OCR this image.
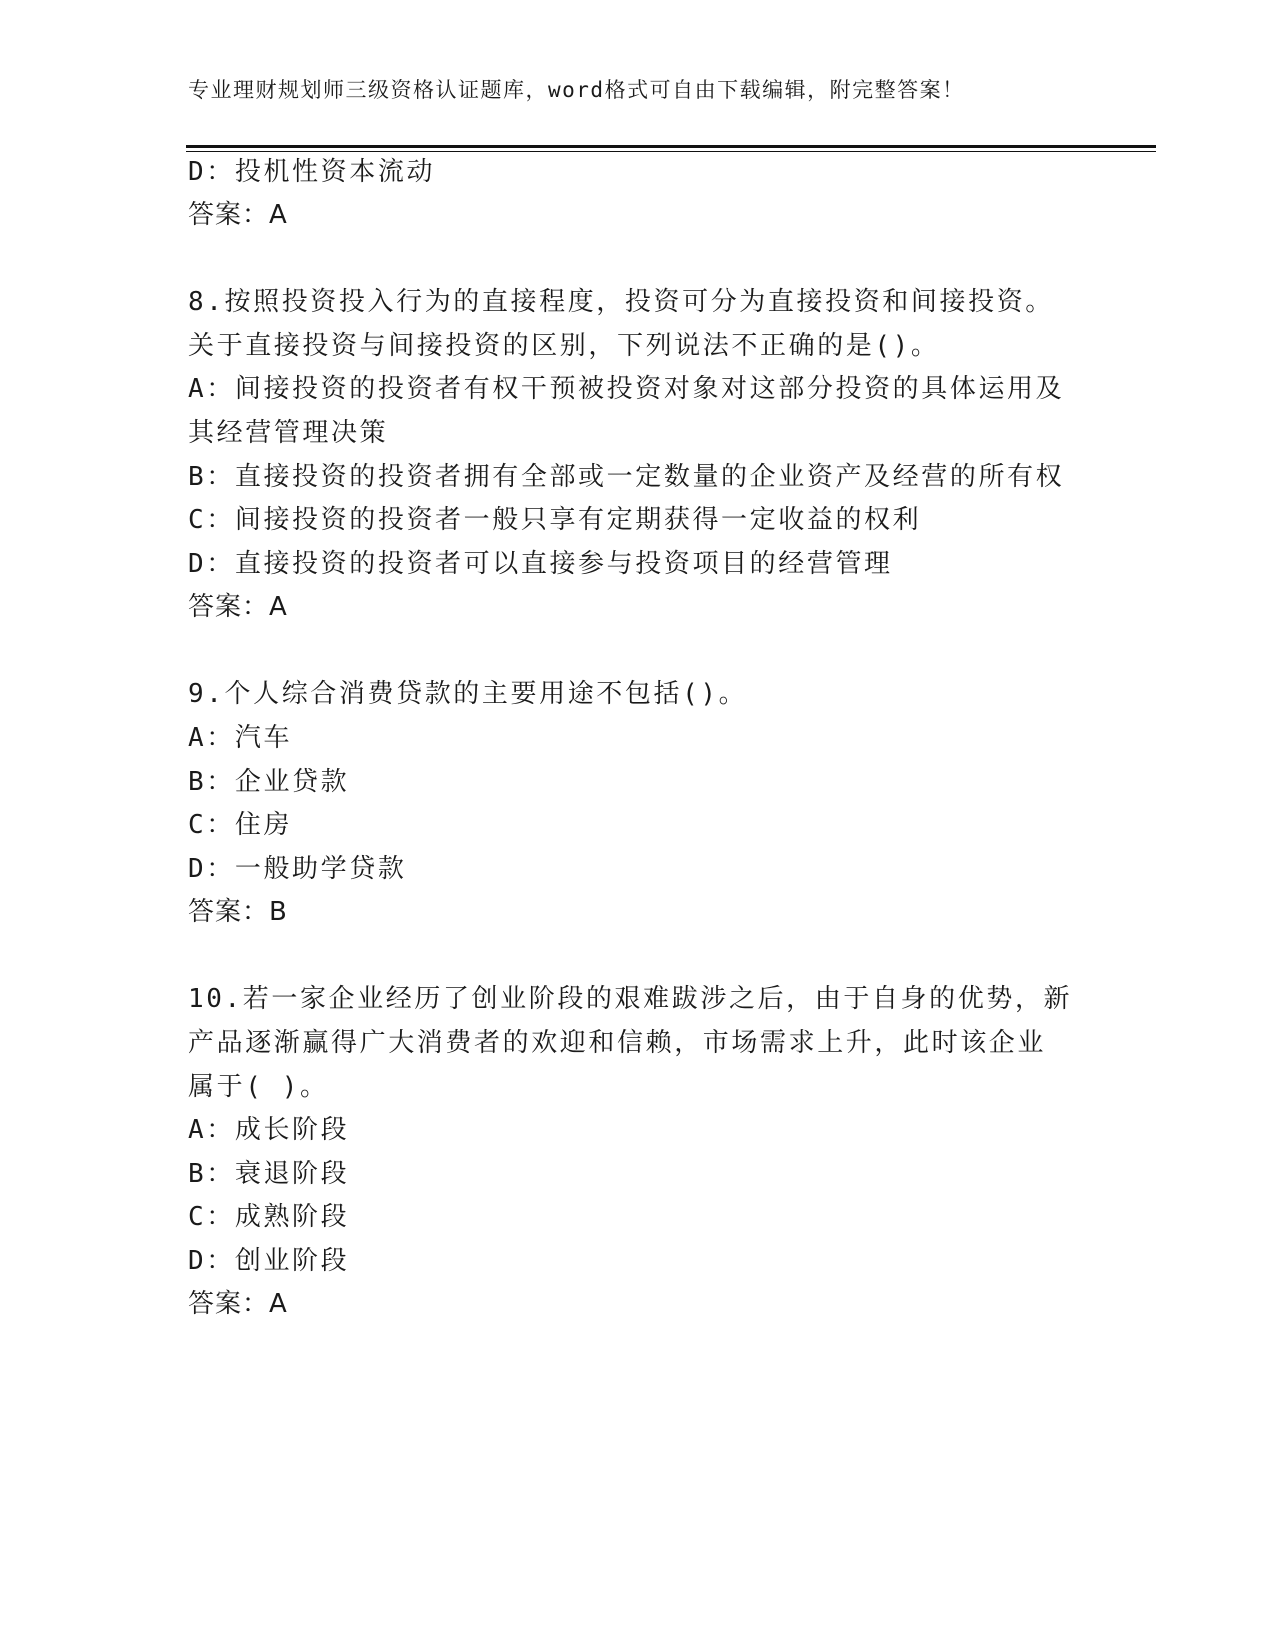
专业理财规划师三级资格认证题库，word格式可自由下载编辑，附完整答案！
D：投机性资本流动
答案：A
8.按照投资投入行为的直接程度，投资可分为直接投资和间接投资。
关于直接投资与间接投资的区别，下列说法不正确的是()。
A：间接投资的投资者有权干预被投资对象对这部分投资的具体运用及
其经营管理决策
B：直接投资的投资者拥有全部或一定数量的企业资产及经营的所有权
C：间接投资的投资者一般只享有定期获得一定收益的权利
D：直接投资的投资者可以直接参与投资项目的经营管理
答案：A
9.个人综合消费贷款的主要用途不包括()。
A：汽车
B：企业贷款
C：住房
D：一般助学贷款
答案：B
10.若一家企业经历了创业阶段的艰难跋涉之后，由于自身的优势，新
产品逐渐赢得广大消费者的欢迎和信赖，市场需求上升，此时该企业
属于( )。
A：成长阶段
B：衰退阶段
C：成熟阶段
D：创业阶段
答案：A
